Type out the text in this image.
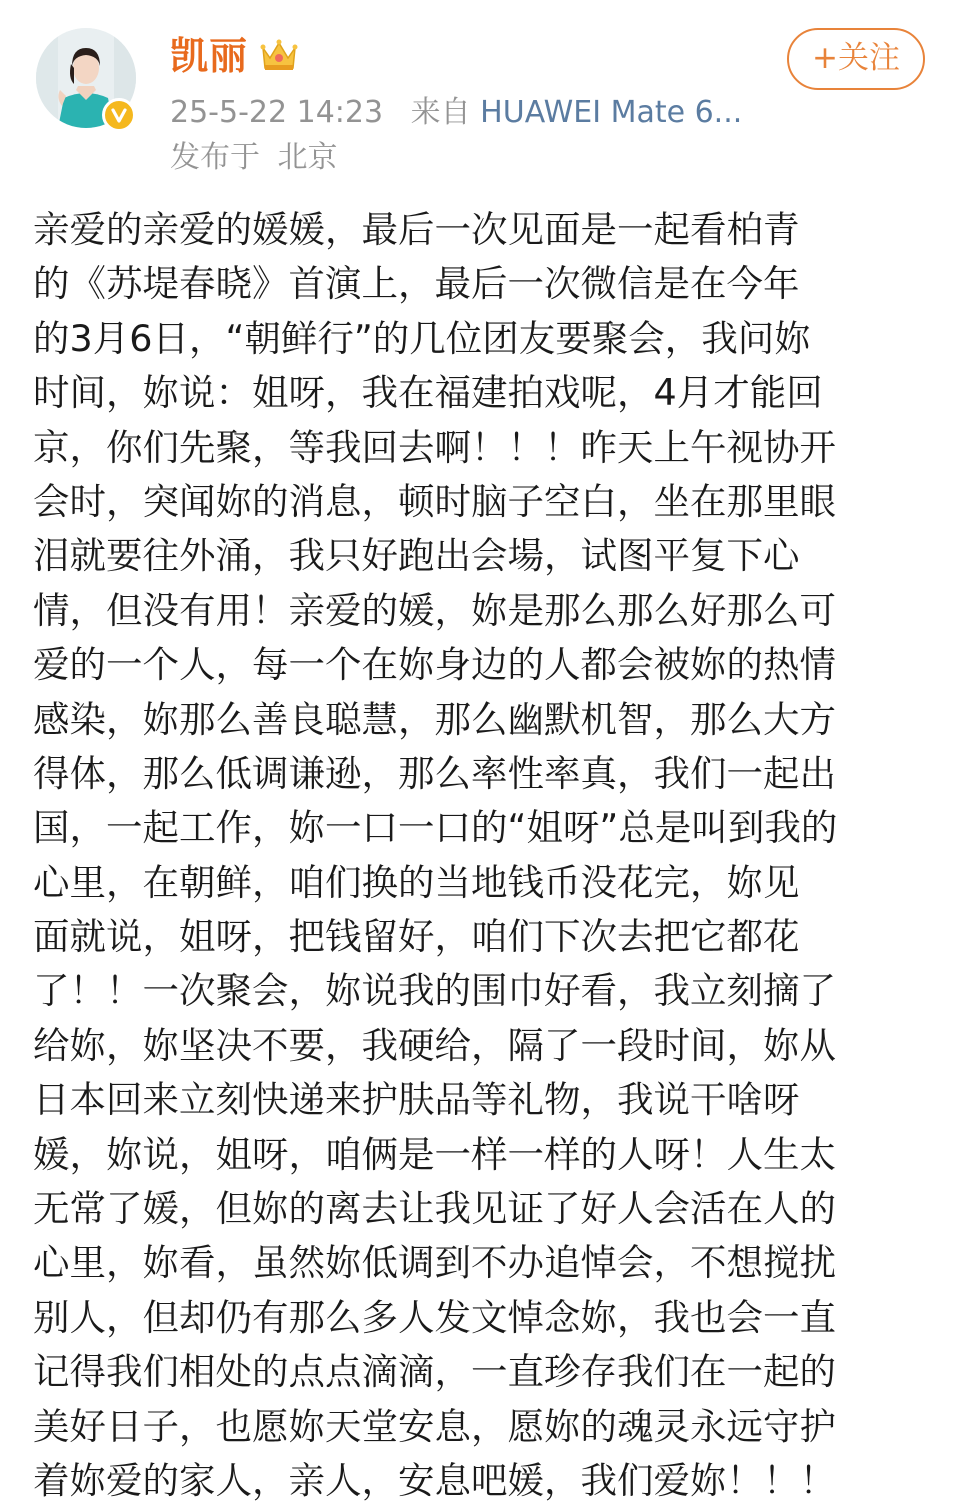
凯丽
25-5-22 14:23 来自 HUAWEI Mate 6...
发布于 北京
+关注
亲爱的亲爱的媛媛，最后一次见面是一起看柏青
的《苏堤春晓》首演上，最后一次微信是在今年
的3月6日，“朝鲜行”的几位团友要聚会，我问妳
时间，妳说：姐呀，我在福建拍戏呢，4月才能回
京，你们先聚，等我回去啊！！！昨天上午视协开
会时，突闻妳的消息，顿时脑子空白，坐在那里眼
泪就要往外涌，我只好跑出会場，试图平复下心
情，但没有用！亲爱的媛，妳是那么那么好那么可
爱的一个人，每一个在妳身边的人都会被妳的热情
感染，妳那么善良聪慧，那么幽默机智，那么大方
得体，那么低调谦逊，那么率性率真，我们一起出
国，一起工作，妳一口一口的“姐呀”总是叫到我的
心里，在朝鲜，咱们换的当地钱币没花完，妳见
面就说，姐呀，把钱留好，咱们下次去把它都花
了！！一次聚会，妳说我的围巾好看，我立刻摘了
给妳，妳坚决不要，我硬给，隔了一段时间，妳从
日本回来立刻快递来护肤品等礼物，我说干啥呀
媛，妳说，姐呀，咱俩是一样一样的人呀！人生太
无常了媛，但妳的离去让我见证了好人会活在人的
心里，妳看，虽然妳低调到不办追悼会，不想搅扰
别人，但却仍有那么多人发文悼念妳，我也会一直
记得我们相处的点点滴滴，一直珍存我们在一起的
美好日子，也愿妳天堂安息，愿妳的魂灵永远守护
着妳爱的家人，亲人，安息吧媛，我们爱妳！！！
